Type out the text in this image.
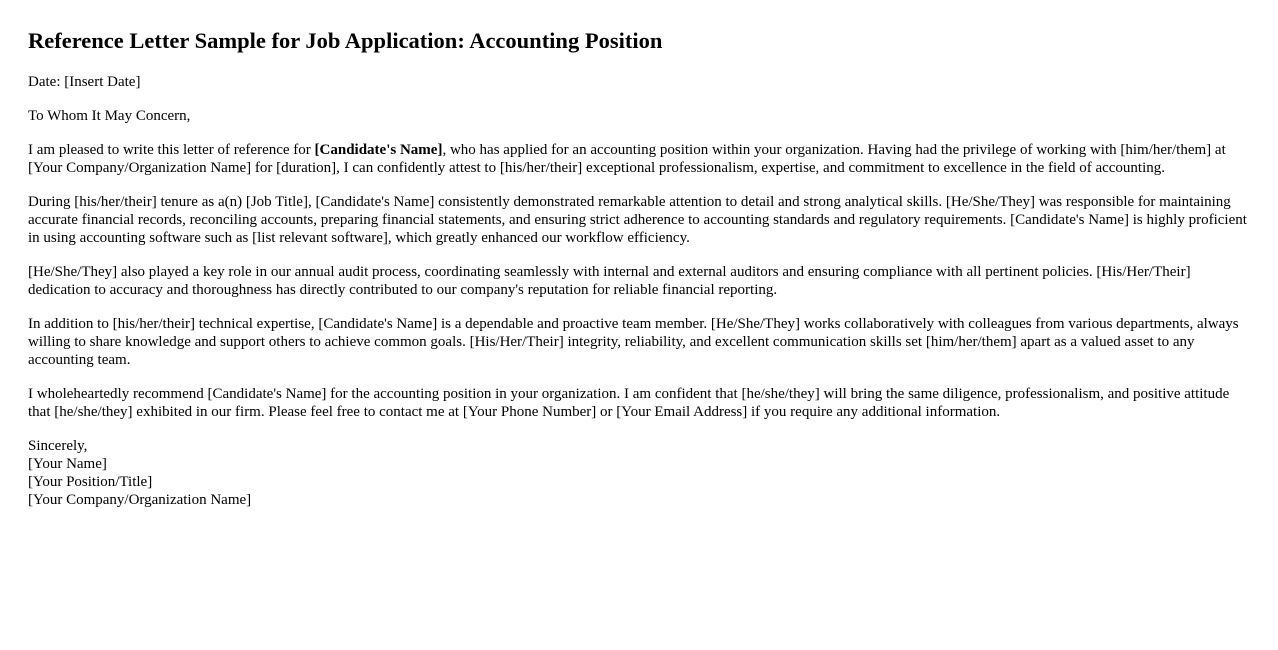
Reference Letter Sample for Job Application: Accounting Position

Date: [Insert Date]

To Whom It May Concern,

I am pleased to write this letter of reference for [Candidate's Name], who has applied for an accounting position within your organization. Having had the privilege of working with [him/her/them] at [Your Company/Organization Name] for [duration], I can confidently attest to [his/her/their] exceptional professionalism, expertise, and commitment to excellence in the field of accounting.

During [his/her/their] tenure as a(n) [Job Title], [Candidate's Name] consistently demonstrated remarkable attention to detail and strong analytical skills. [He/She/They] was responsible for maintaining accurate financial records, reconciling accounts, preparing financial statements, and ensuring strict adherence to accounting standards and regulatory requirements. [Candidate's Name] is highly proficient in using accounting software such as [list relevant software], which greatly enhanced our workflow efficiency.

[He/She/They] also played a key role in our annual audit process, coordinating seamlessly with internal and external auditors and ensuring compliance with all pertinent policies. [His/Her/Their] dedication to accuracy and thoroughness has directly contributed to our company's reputation for reliable financial reporting.

In addition to [his/her/their] technical expertise, [Candidate's Name] is a dependable and proactive team member. [He/She/They] works collaboratively with colleagues from various departments, always willing to share knowledge and support others to achieve common goals. [His/Her/Their] integrity, reliability, and excellent communication skills set [him/her/them] apart as a valued asset to any accounting team.

I wholeheartedly recommend [Candidate's Name] for the accounting position in your organization. I am confident that [he/she/they] will bring the same diligence, professionalism, and positive attitude that [he/she/they] exhibited in our firm. Please feel free to contact me at [Your Phone Number] or [Your Email Address] if you require any additional information.

Sincerely,
[Your Name]
[Your Position/Title]
[Your Company/Organization Name]
